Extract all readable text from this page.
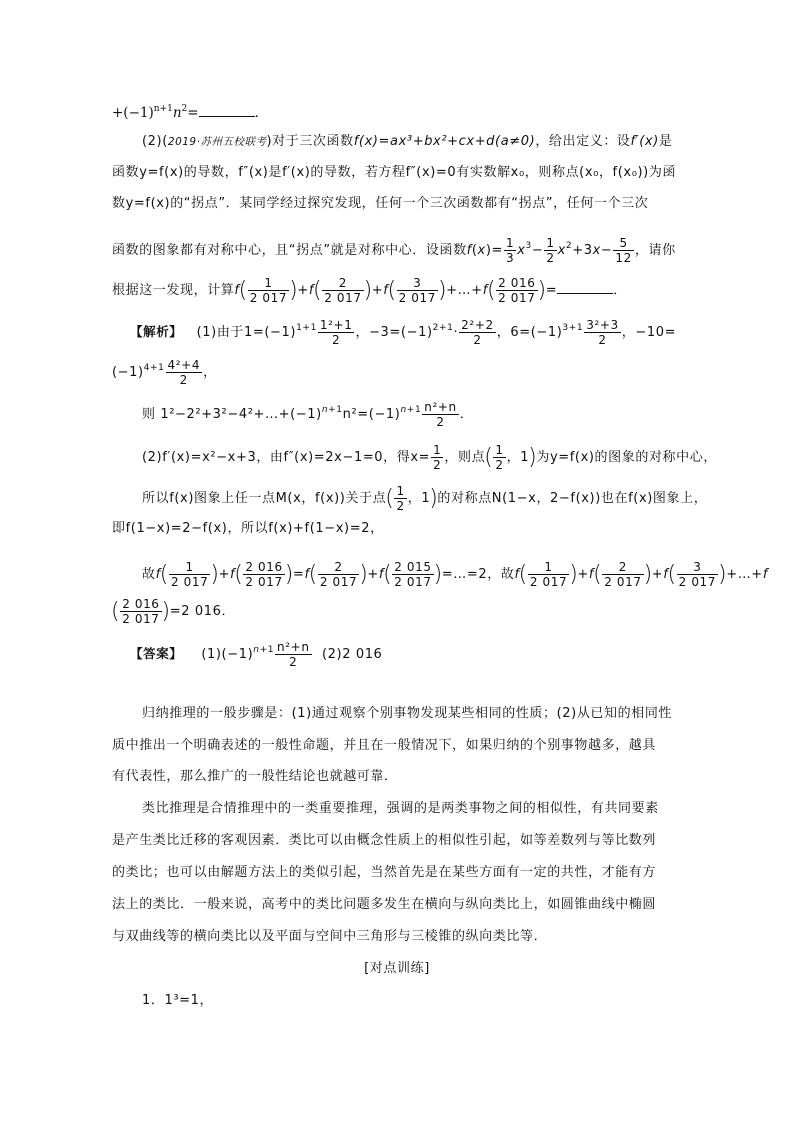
$+(-1)^{n+1}n^2=$	．
(2)(2019·苏州五校联考)对于三次函数f(x)=ax³+bx²+cx+d(a≠0)，给出定义：设f′(x)是
函数y=f(x)的导数，f″(x)是f′(x)的导数，若方程f″(x)=0有实数解x₀，则称点(x₀，f(x₀))为函
数y=f(x)的“拐点”．某同学经过探究发现，任何一个三次函数都有“拐点”，任何一个三次
函数的图象都有对称中心，且“拐点”就是对称中心．设函数$f(x)= \frac{1}{3} x^3- \frac{1}{2} x^2+3x- \frac{5}{12}$ ，请你
根据这一发现，计算$f( \frac{1}{2 017} )+f( \frac{2}{2 017} )+f( \frac{3}{2 017}$ )+…+f( $\frac{2 016}{2 017}$ )=	．
【解析】 (1)由于$1=(-1)^{1+1} \frac{\text{1²+1}}{2}$ ，$-3=(-1)^{2+1}\cdot \frac{\text{2²+2}}{2}$ ，$6=(-1)^{3+1} \frac{\text{3²+3}}{2}$ ，−10=
$(-1)^{4+1} \frac{\text{4²+4}}{2}$ ，
则 $1^2-2^2+3^2-4^2+\dots+(-1)^{n+1}n^2=(-1)^{n+1} \frac{\text{n²+n}}{2}$ ．
(2)f′(x)=x²−x+3，由f″(x)=2x−1=0，得$x= \frac{1}{2}$ ，则点( $\frac{1}{2}$ ，1)为y=f(x)的图象的对称中心，
所以f(x)图象上任一点M(x，f(x))关于点( $\frac{1}{2}$ ，1)的对称点N(1−x，2−f(x))也在f(x)图象上，
即f(1−x)=2−f(x)，所以f(x)+f(1−x)=2，
故$f( \frac{1}{2 017} )+f( \frac{2 016}{2 017} )=f( \frac{2}{2 017} )+f( \frac{2 015}{2 017}$ )=…=2，故$f( \frac{1}{2 017} )+f( \frac{2}{2 017} )+f( \frac{3}{2 017}$ )+…+f
( $\frac{2 016}{2 017} )=2$ 016．
【答案】 $(1)(-1)^{n+1} \frac{\text{n²+n}}{2} (2)2$ 016
归纳推理的一般步骤是：(1)通过观察个别事物发现某些相同的性质；(2)从已知的相同性
质中推出一个明确表述的一般性命题，并且在一般情况下，如果归纳的个别事物越多，越具
有代表性，那么推广的一般性结论也就越可靠．
类比推理是合情推理中的一类重要推理，强调的是两类事物之间的相似性，有共同要素
是产生类比迁移的客观因素．类比可以由概念性质上的相似性引起，如等差数列与等比数列
的类比；也可以由解题方法上的类似引起，当然首先是在某些方面有一定的共性，才能有方
法上的类比．一般来说，高考中的类比问题多发生在横向与纵向类比上，如圆锥曲线中椭圆
与双曲线等的横向类比以及平面与空间中三角形与三棱锥的纵向类比等．
[对点训练]
1．1³=1，
